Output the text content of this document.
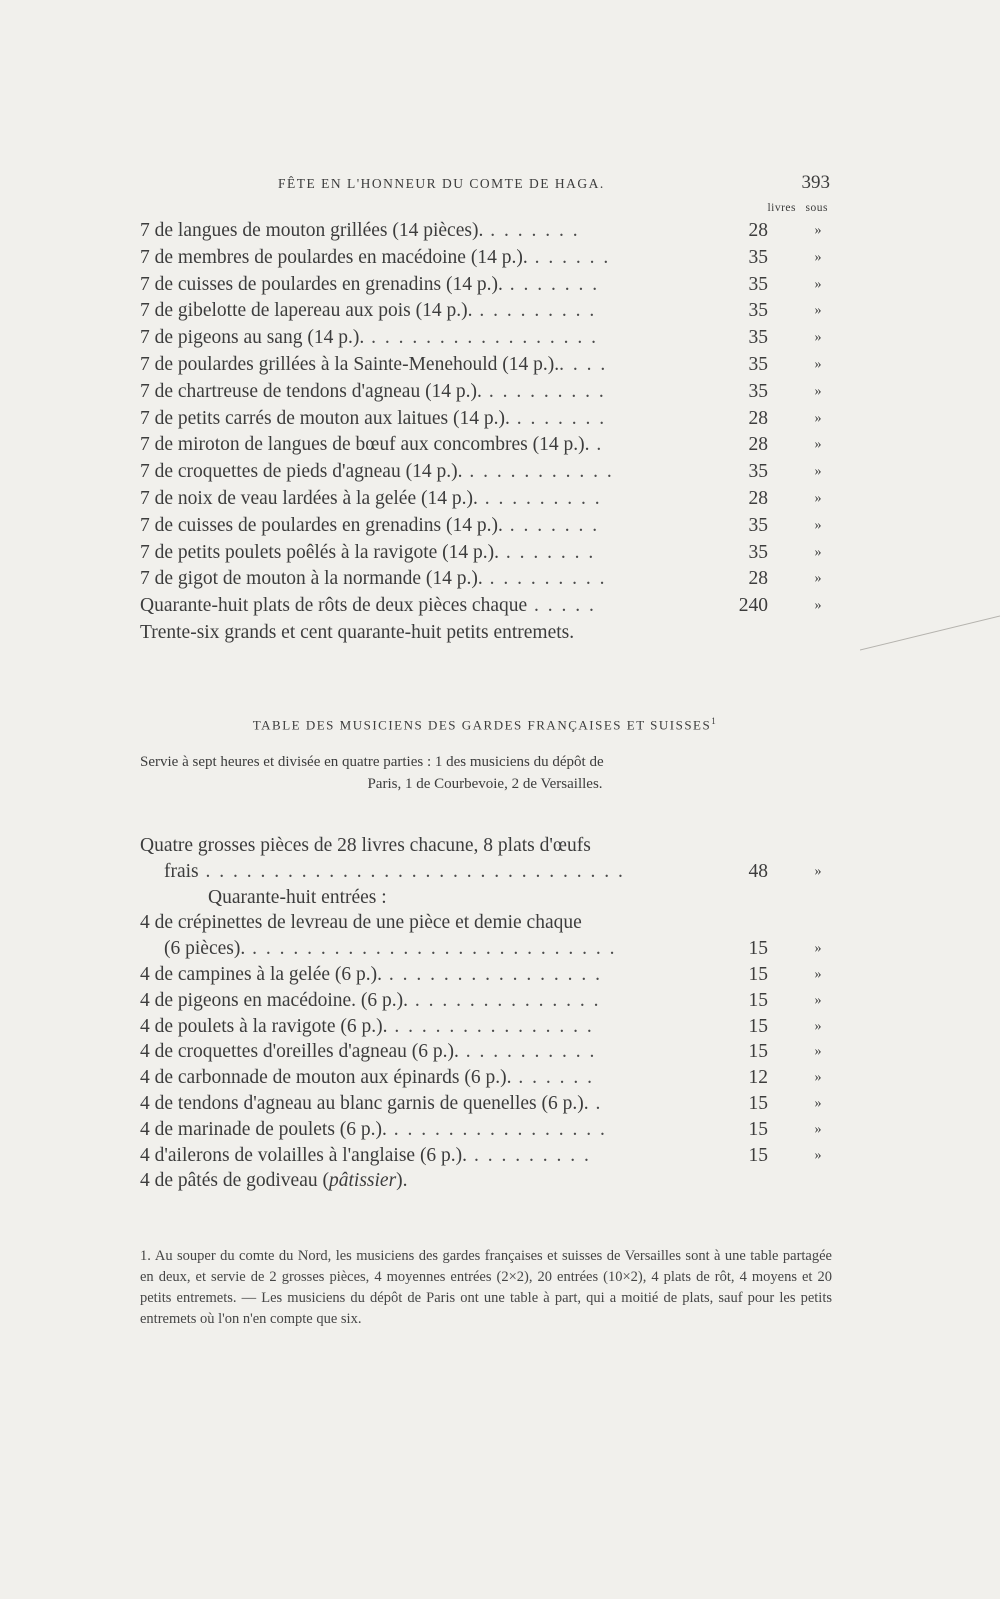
FÊTE EN L'HONNEUR DU COMTE DE HAGA.	393
livres sous
7 de langues de mouton grillées (14 pièces). . . . . . . .	28	»
7 de membres de poulardes en macédoine (14 p.). . . . . . .	35	»
7 de cuisses de poulardes en grenadins (14 p.). . . . . . . .	35	»
7 de gibelotte de lapereau aux pois (14 p.). . . . . . . . . .	35	»
7 de pigeons au sang (14 p.). . . . . . . . . . . . . . . . . .	35	»
7 de poulardes grillées à la Sainte-Menehould (14 p.).. . . .	35	»
7 de chartreuse de tendons d'agneau (14 p.). . . . . . . . . .	35	»
7 de petits carrés de mouton aux laitues (14 p.). . . . . . . .	28	»
7 de miroton de langues de bœuf aux concombres (14 p.). .	28	»
7 de croquettes de pieds d'agneau (14 p.). . . . . . . . . . . .	35	»
7 de noix de veau lardées à la gelée (14 p.). . . . . . . . . .	28	»
7 de cuisses de poulardes en grenadins (14 p.). . . . . . . .	35	»
7 de petits poulets poêlés à la ravigote (14 p.). . . . . . . .	35	»
7 de gigot de mouton à la normande (14 p.). . . . . . . . . .	28	»
Quarante-huit plats de rôts de deux pièces chaque . . . . .	240	»
Trente-six grands et cent quarante-huit petits entremets.
TABLE DES MUSICIENS DES GARDES FRANÇAISES ET SUISSES$^1$
Servie à sept heures et divisée en quatre parties : 1 des musiciens du dépôt de
Paris, 1 de Courbevoie, 2 de Versailles.
Quatre grosses pièces de 28 livres chacune, 8 plats d'œufs
frais . . . . . . . . . . . . . . . . . . . . . . . . . . . . . . .	48	»
Quarante-huit entrées :
4 de crépinettes de levreau de une pièce et demie chaque
(6 pièces). . . . . . . . . . . . . . . . . . . . . . . . . . . .	15	»
4 de campines à la gelée (6 p.). . . . . . . . . . . . . . . . .	15	»
4 de pigeons en macédoine. (6 p.). . . . . . . . . . . . . . .	15	»
4 de poulets à la ravigote (6 p.). . . . . . . . . . . . . . . .	15	»
4 de croquettes d'oreilles d'agneau (6 p.). . . . . . . . . . .	15	»
4 de carbonnade de mouton aux épinards (6 p.). . . . . . .	12	»
4 de tendons d'agneau au blanc garnis de quenelles (6 p.). .	15	»
4 de marinade de poulets (6 p.). . . . . . . . . . . . . . . . .	15	»
4 d'ailerons de volailles à l'anglaise (6 p.). . . . . . . . . .	15	»
4 de pâtés de godiveau (pâtissier).
1. Au souper du comte du Nord, les musiciens des gardes françaises et suisses de Versailles sont à une table partagée en deux, et servie de 2 grosses pièces, 4 moyennes entrées (2×2), 20 entrées (10×2), 4 plats de rôt, 4 moyens et 20 petits entremets. — Les musiciens du dépôt de Paris ont une table à part, qui a moitié de plats, sauf pour les petits entremets où l'on n'en compte que six.
